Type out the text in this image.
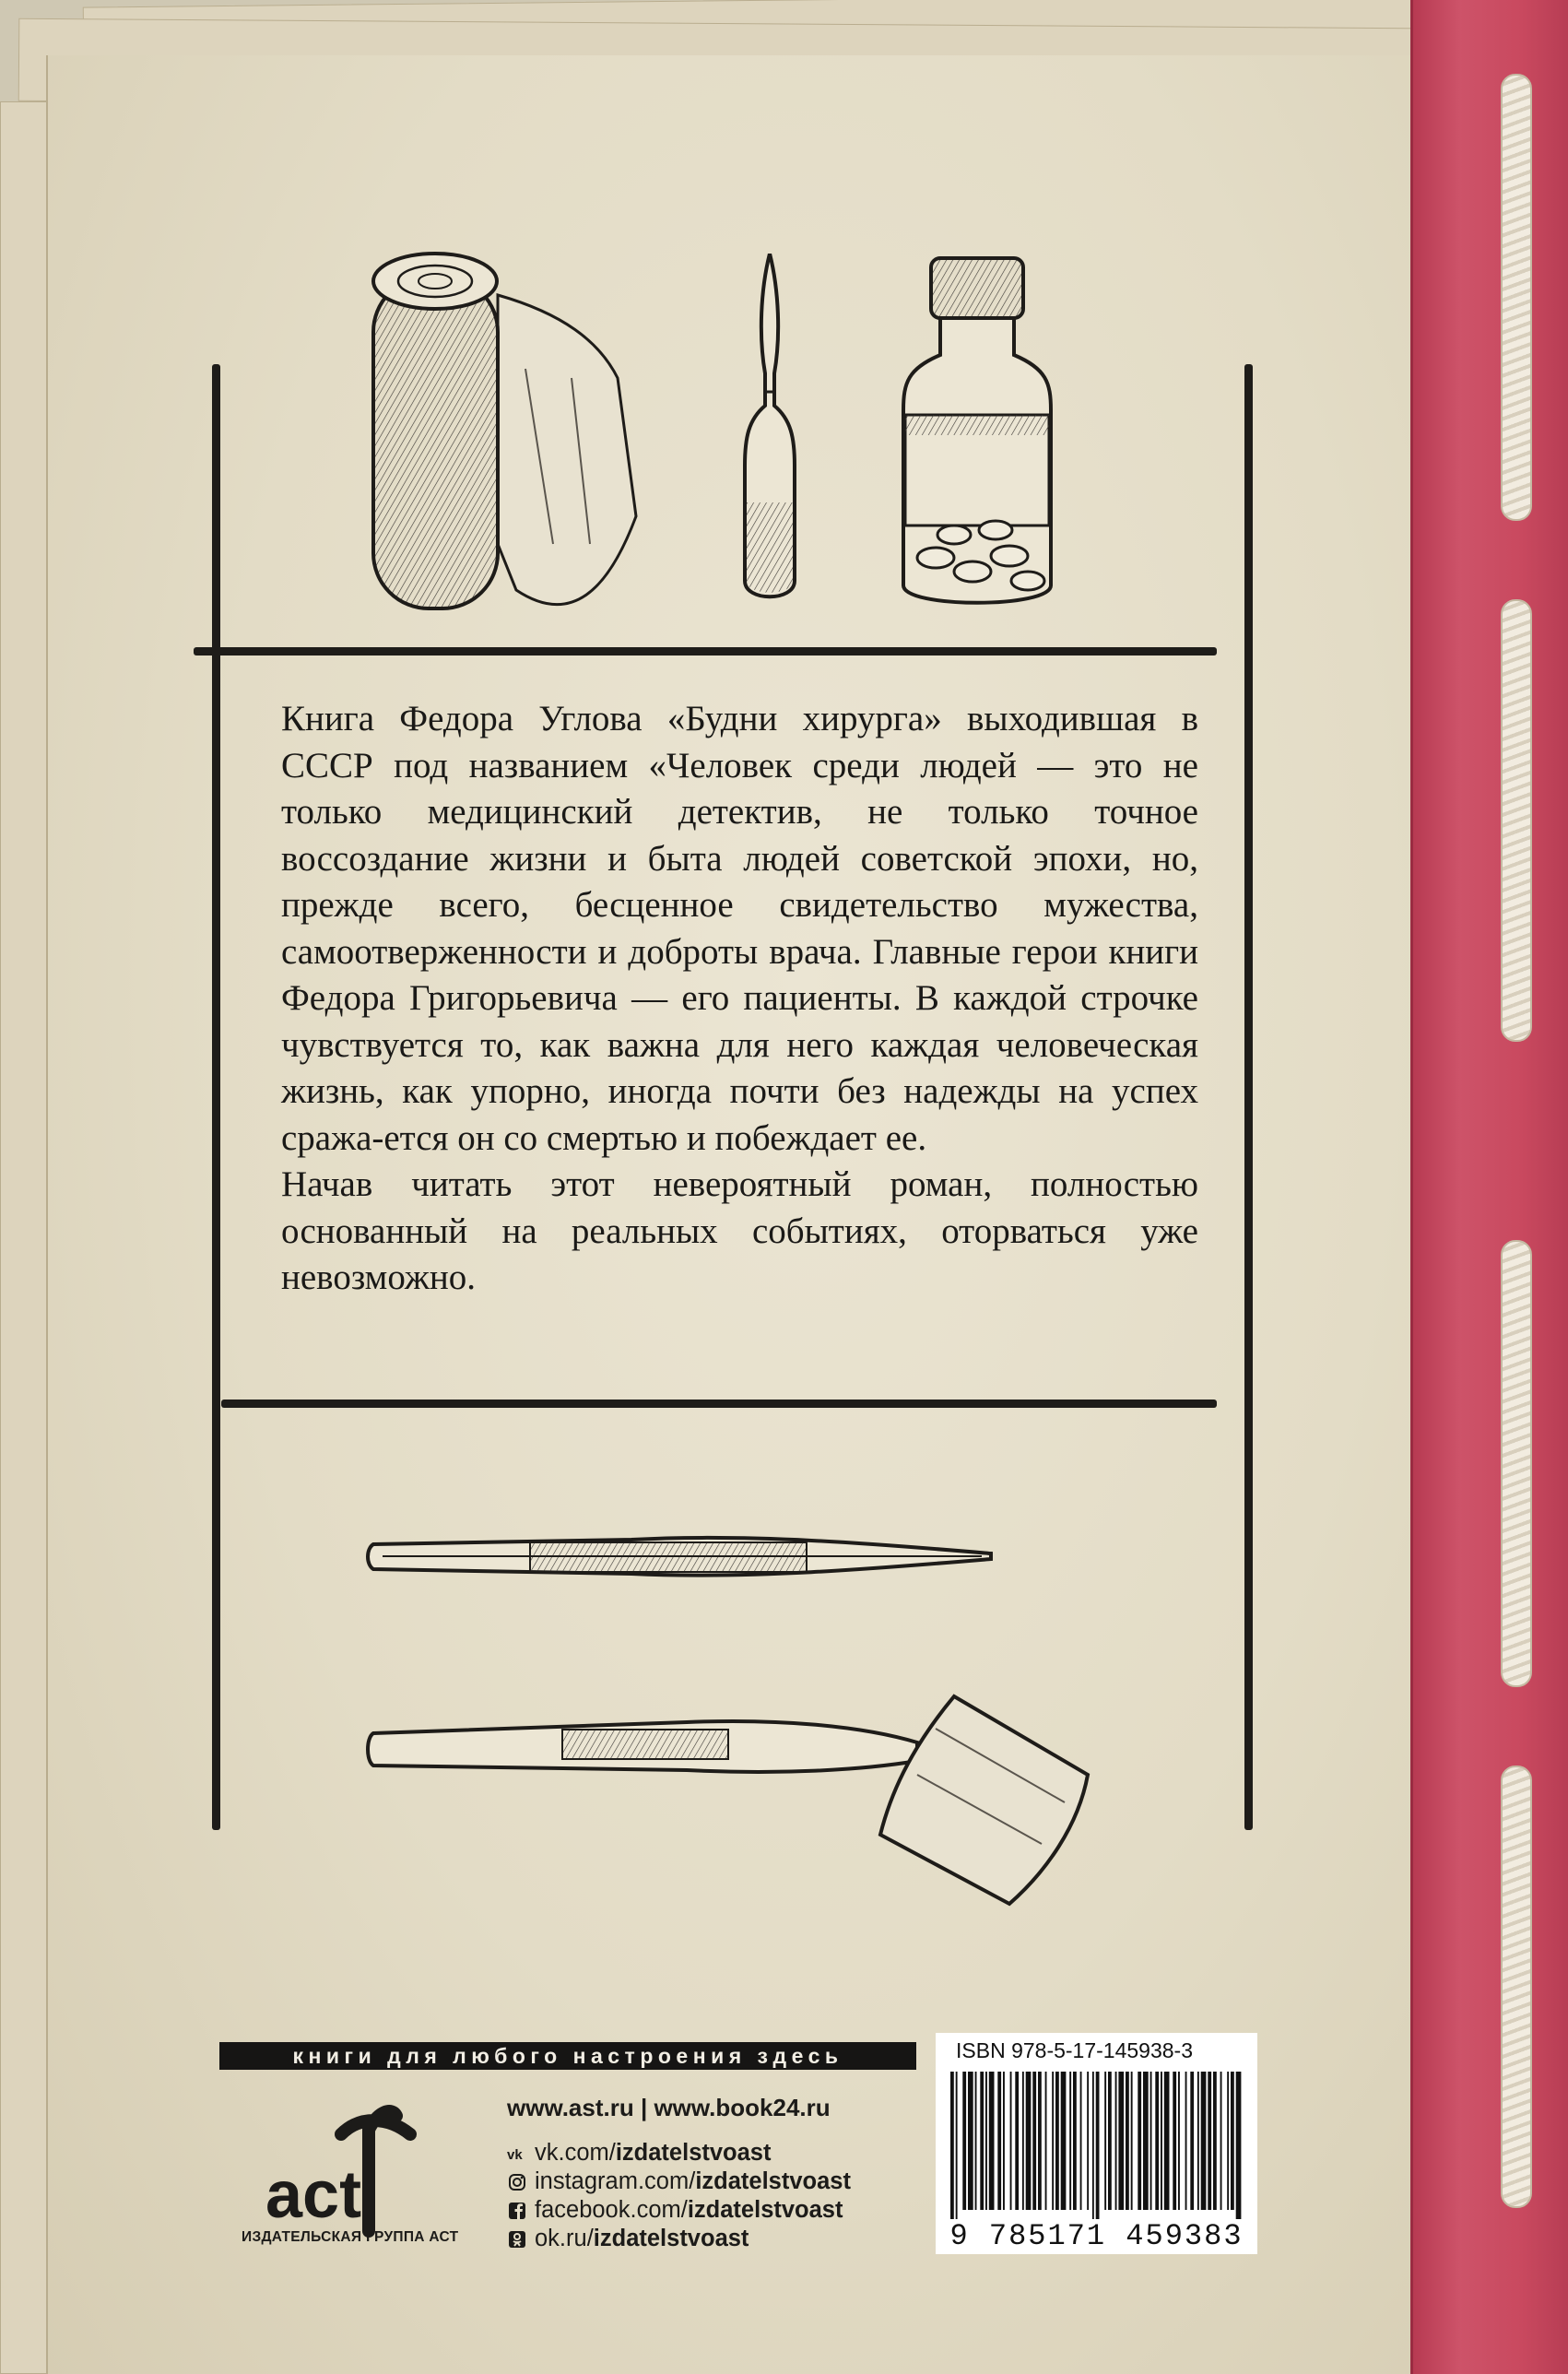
Книга Федора Углова «Будни хирурга» выходившая в СССР под названием «Человек среди людей — это не только медицинский детектив, не только точное воссоздание жизни и быта людей советской эпохи, но, прежде всего, бесценное свидетельство мужества, самоотверженности и доброты врача. Главные герои книги Федора Григорьевича — его пациенты. В каждой строчке чувствуется то, как важна для него каждая человеческая жизнь, как упорно, иногда почти без надежды на успех сража-ется он со смертью и побеждает ее.

Начав читать этот невероятный роман, полностью основанный на реальных событиях, оторваться уже невозможно.

книги для любого настроения здесь
act
ИЗДАТЕЛЬСКАЯ ГРУППА АСТ
www.ast.ru | www.book24.ru
vk vk.com/ izdatelstvoast
instagram.com/ izdatelstvoast
facebook.com/ izdatelstvoast
ok.ru/ izdatelstvoast
ISBN 978-5-17-145938-3
9 785171 459383
